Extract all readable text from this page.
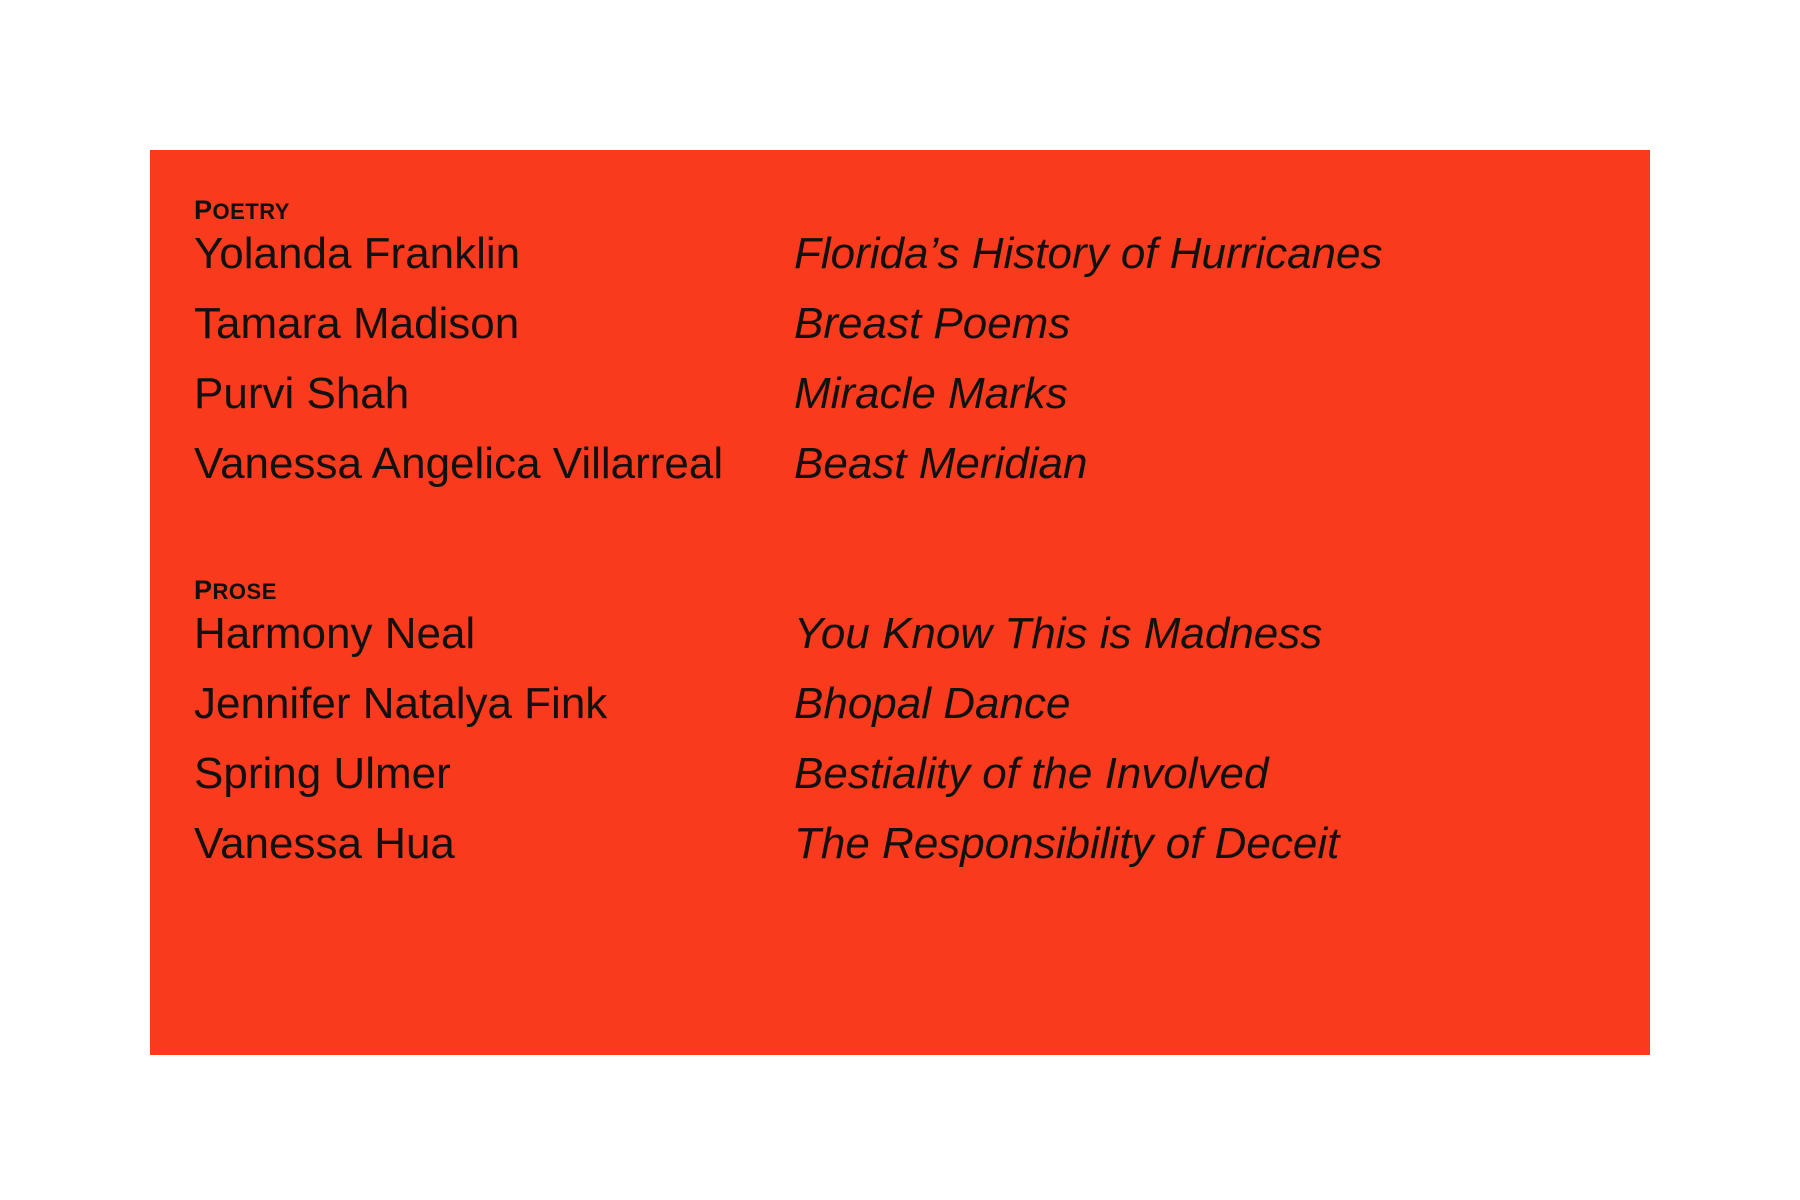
poetry
Yolanda Franklin	Florida’s History of Hurricanes
Tamara Madison	Breast Poems
Purvi Shah	Miracle Marks
Vanessa Angelica Villarreal	Beast Meridian
prose
Harmony Neal	You Know This is Madness
Jennifer Natalya Fink	Bhopal Dance
Spring Ulmer	Bestiality of the Involved
Vanessa Hua	The Responsibility of Deceit
